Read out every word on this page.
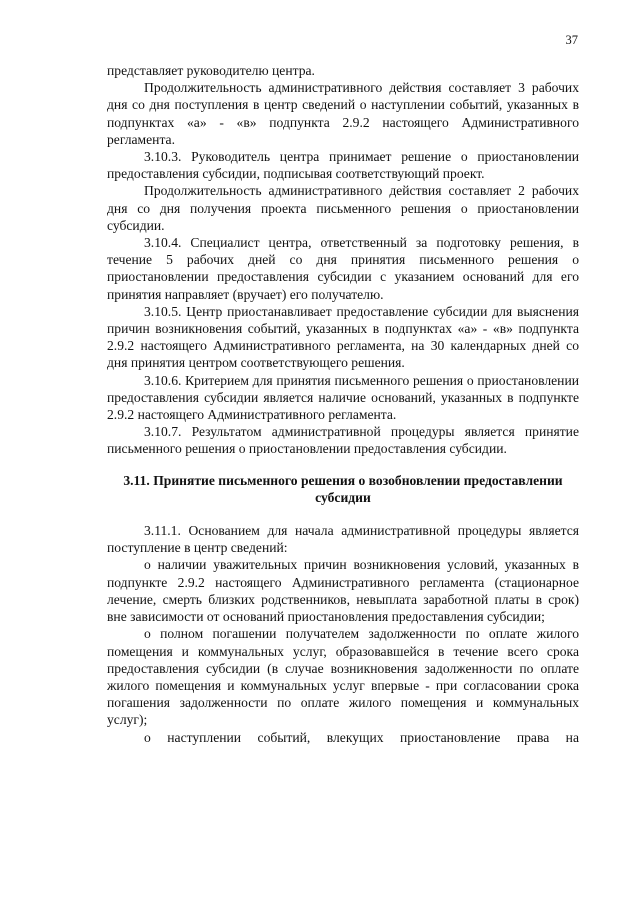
37

представляет руководителю центра.

Продолжительность административного действия составляет 3 рабочих дня со дня поступления в центр сведений о наступлении событий, указанных в подпунктах «а» - «в» подпункта 2.9.2 настоящего Административного регламента.

3.10.3. Руководитель центра принимает решение о приостановлении предоставления субсидии, подписывая соответствующий проект.

Продолжительность административного действия составляет 2 рабочих дня со дня получения проекта письменного решения о приостановлении субсидии.

3.10.4. Специалист центра, ответственный за подготовку решения, в течение 5 рабочих дней со дня принятия письменного решения о приостановлении предоставления субсидии с указанием оснований для его принятия направляет (вручает) его получателю.

3.10.5. Центр приостанавливает предоставление субсидии для выяснения причин возникновения событий, указанных в подпунктах «а» - «в» подпункта 2.9.2 настоящего Административного регламента, на 30 календарных дней со дня принятия центром соответствующего решения.

3.10.6. Критерием для принятия письменного решения о приостановлении предоставления субсидии является наличие оснований, указанных в подпункте 2.9.2 настоящего Административного регламента.

3.10.7. Результатом административной процедуры является принятие письменного решения о приостановлении предоставления субсидии.

3.11. Принятие письменного решения о возобновлении предоставлении субсидии

3.11.1. Основанием для начала административной процедуры является поступление в центр сведений:

о наличии уважительных причин возникновения условий, указанных в подпункте 2.9.2 настоящего Административного регламента (стационарное лечение, смерть близких родственников, невыплата заработной платы в срок) вне зависимости от оснований приостановления предоставления субсидии;

о полном погашении получателем задолженности по оплате жилого помещения и коммунальных услуг, образовавшейся в течение всего срока предоставления субсидии (в случае возникновения задолженности по оплате жилого помещения и коммунальных услуг впервые - при согласовании срока погашения задолженности по оплате жилого помещения и коммунальных услуг);

о наступлении событий, влекущих приостановление права на
